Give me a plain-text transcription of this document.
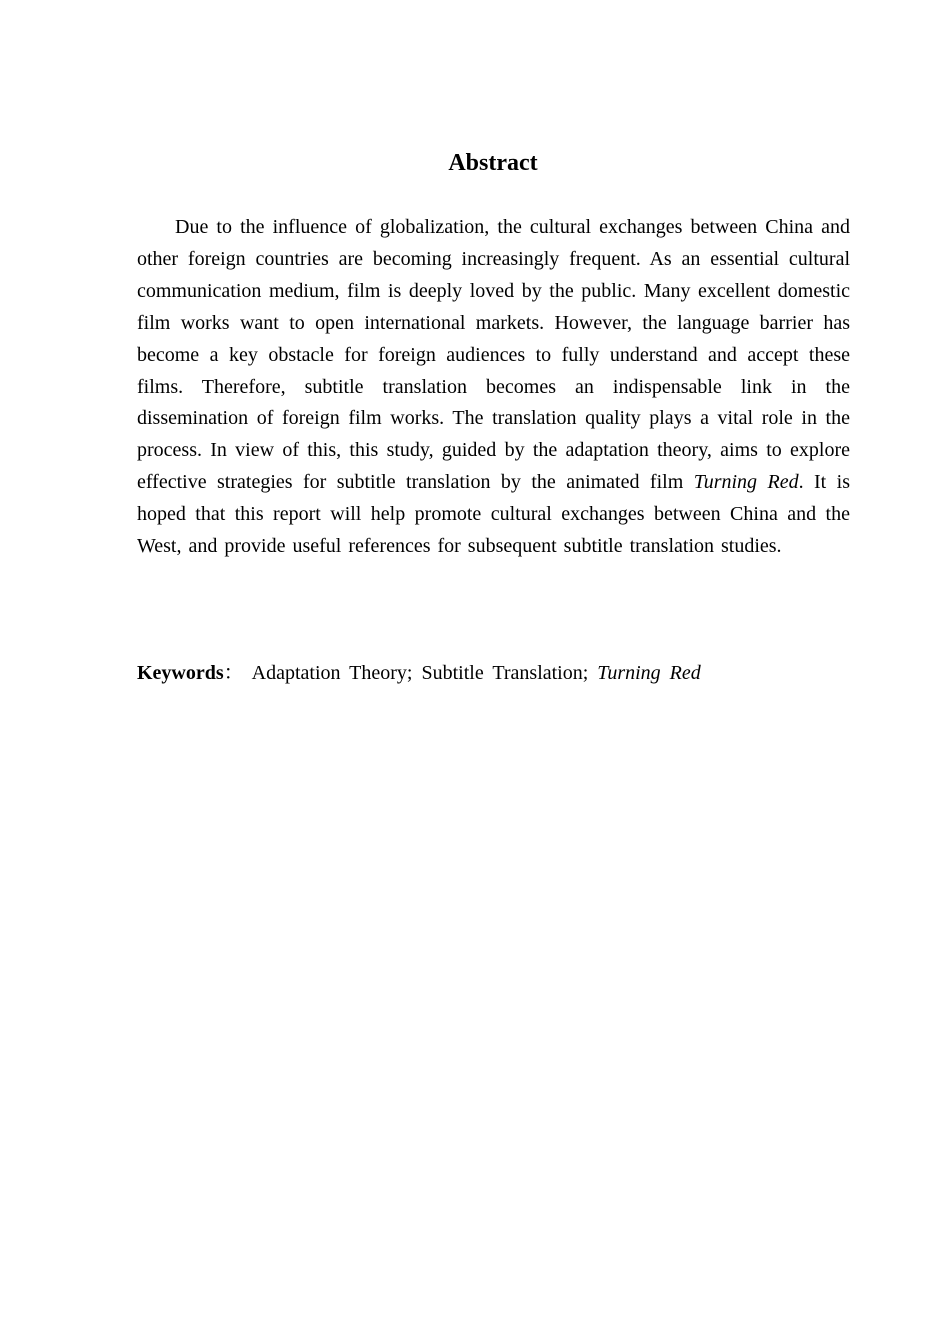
Abstract

Due to the influence of globalization, the cultural exchanges between China and other foreign countries are becoming increasingly frequent. As an essential cultural communication medium, film is deeply loved by the public. Many excellent domestic film works want to open international markets. However, the language barrier has become a key obstacle for foreign audiences to fully understand and accept these films. Therefore, subtitle translation becomes an indispensable link in the dissemination of foreign film works. The translation quality plays a vital role in the process. In view of this, this study, guided by the adaptation theory, aims to explore effective strategies for subtitle translation by the animated film Turning Red. It is hoped that this report will help promote cultural exchanges between China and the West, and provide useful references for subsequent subtitle translation studies.

Keywords： Adaptation Theory; Subtitle Translation; Turning Red
